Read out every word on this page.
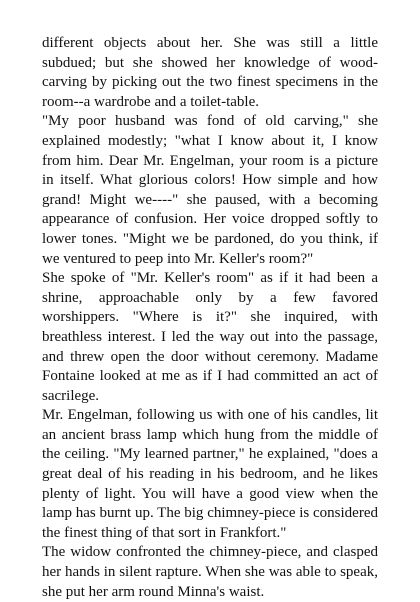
different objects about her. She was still a little subdued; but she showed her knowledge of wood-carving by picking out the two finest specimens in the room--a wardrobe and a toilet-table.

"My poor husband was fond of old carving," she explained modestly; "what I know about it, I know from him. Dear Mr. Engelman, your room is a picture in itself. What glorious colors! How simple and how grand! Might we----" she paused, with a becoming appearance of confusion. Her voice dropped softly to lower tones. "Might we be pardoned, do you think, if we ventured to peep into Mr. Keller's room?"

She spoke of "Mr. Keller's room" as if it had been a shrine, approachable only by a few favored worshippers. "Where is it?" she inquired, with breathless interest. I led the way out into the passage, and threw open the door without ceremony. Madame Fontaine looked at me as if I had committed an act of sacrilege.

Mr. Engelman, following us with one of his candles, lit an ancient brass lamp which hung from the middle of the ceiling. "My learned partner," he explained, "does a great deal of his reading in his bedroom, and he likes plenty of light. You will have a good view when the lamp has burnt up. The big chimney-piece is considered the finest thing of that sort in Frankfort."

The widow confronted the chimney-piece, and clasped her hands in silent rapture. When she was able to speak, she put her arm round Minna's waist.
